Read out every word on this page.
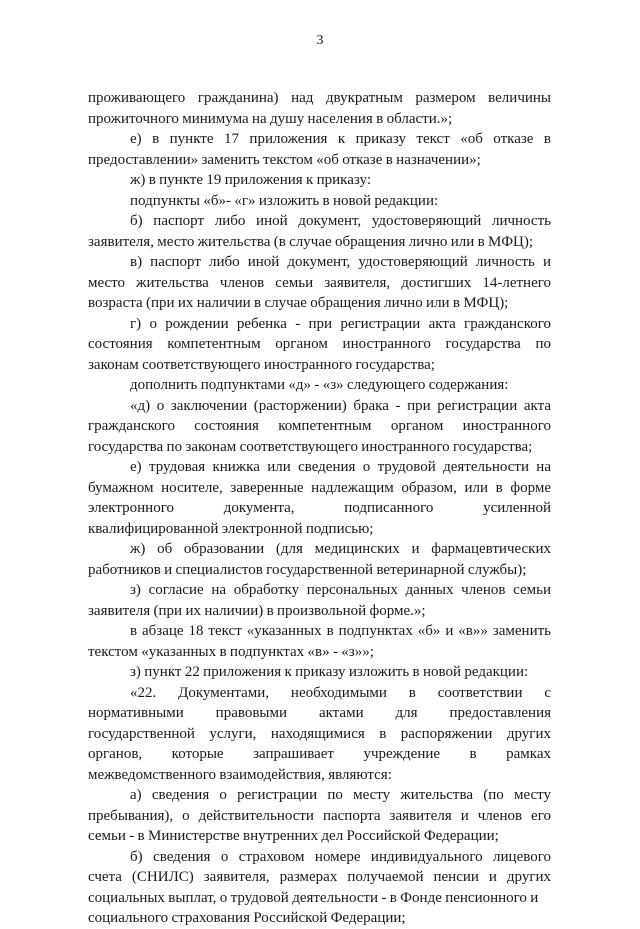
3

проживающего гражданина) над двукратным размером величины

прожиточного минимума на душу населения в области.»;

е) в пункте 17 приложения к приказу текст «об отказе в

предоставлении» заменить текстом «об отказе в назначении»;

ж) в пункте 19 приложения к приказу:

подпункты «б»- «г» изложить в новой редакции:

б) паспорт либо иной документ, удостоверяющий личность

заявителя, место жительства (в случае обращения лично или в МФЦ);

в) паспорт либо иной документ, удостоверяющий личность и

место жительства членов семьи заявителя, достигших 14-летнего

возраста (при их наличии в случае обращения лично или в МФЦ);

г) о рождении ребенка - при регистрации акта гражданского

состояния компетентным органом иностранного государства по

законам соответствующего иностранного государства;

дополнить подпунктами «д» - «з» следующего содержания:

«д) о заключении (расторжении) брака - при регистрации акта

гражданского состояния компетентным органом иностранного

государства по законам соответствующего иностранного государства;

е) трудовая книжка или сведения о трудовой деятельности на

бумажном носителе, заверенные надлежащим образом, или в форме

электронного документа, подписанного усиленной

квалифицированной электронной подписью;

ж) об образовании (для медицинских и фармацевтических

работников и специалистов государственной ветеринарной службы);

з) согласие на обработку персональных данных членов семьи

заявителя (при их наличии) в произвольной форме.»;

в абзаце 18 текст «указанных в подпунктах «б» и «в»» заменить

текстом «указанных в подпунктах «в» - «з»»;

з) пункт 22 приложения к приказу изложить в новой редакции:

«22. Документами, необходимыми в соответствии с

нормативными правовыми актами для предоставления

государственной услуги, находящимися в распоряжении других

органов, которые запрашивает учреждение в рамках

межведомственного взаимодействия, являются:

а) сведения о регистрации по месту жительства (по месту

пребывания), о действительности паспорта заявителя и членов его

семьи - в Министерстве внутренних дел Российской Федерации;

б) сведения о страховом номере индивидуального лицевого

счета (СНИЛС) заявителя, размерах получаемой пенсии и других

социальных выплат, о трудовой деятельности - в Фонде пенсионного и

социального страхования Российской Федерации;
